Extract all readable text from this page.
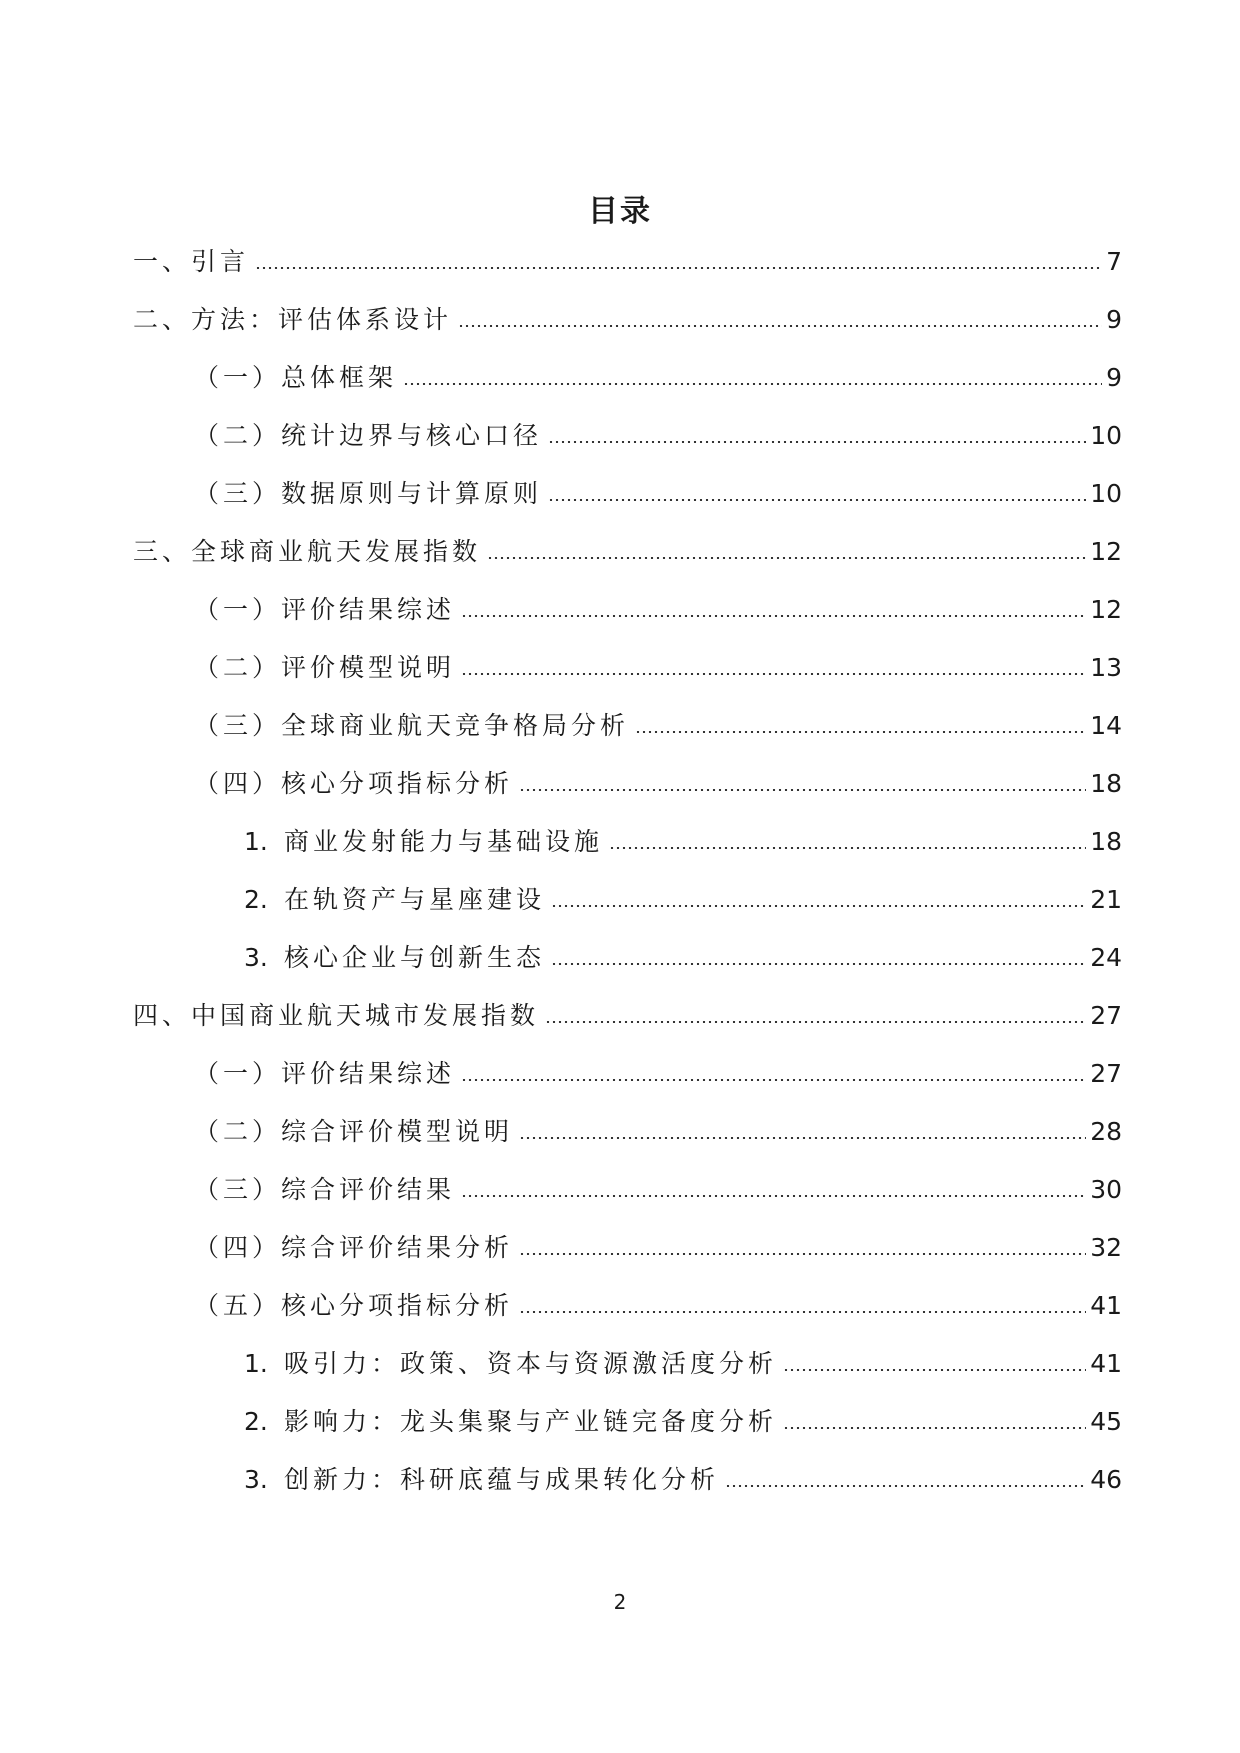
目录
一、引言	7
二、方法：评估体系设计	9
（一）总体框架	9
（二）统计边界与核心口径	10
（三）数据原则与计算原则	10
三、全球商业航天发展指数	12
（一）评价结果综述	12
（二）评价模型说明	13
（三）全球商业航天竞争格局分析	14
（四）核心分项指标分析	18
1. 商业发射能力与基础设施	18
2. 在轨资产与星座建设	21
3. 核心企业与创新生态	24
四、中国商业航天城市发展指数	27
（一）评价结果综述	27
（二）综合评价模型说明	28
（三）综合评价结果	30
（四）综合评价结果分析	32
（五）核心分项指标分析	41
1. 吸引力：政策、资本与资源激活度分析	41
2. 影响力：龙头集聚与产业链完备度分析	45
3. 创新力：科研底蕴与成果转化分析	46
2
